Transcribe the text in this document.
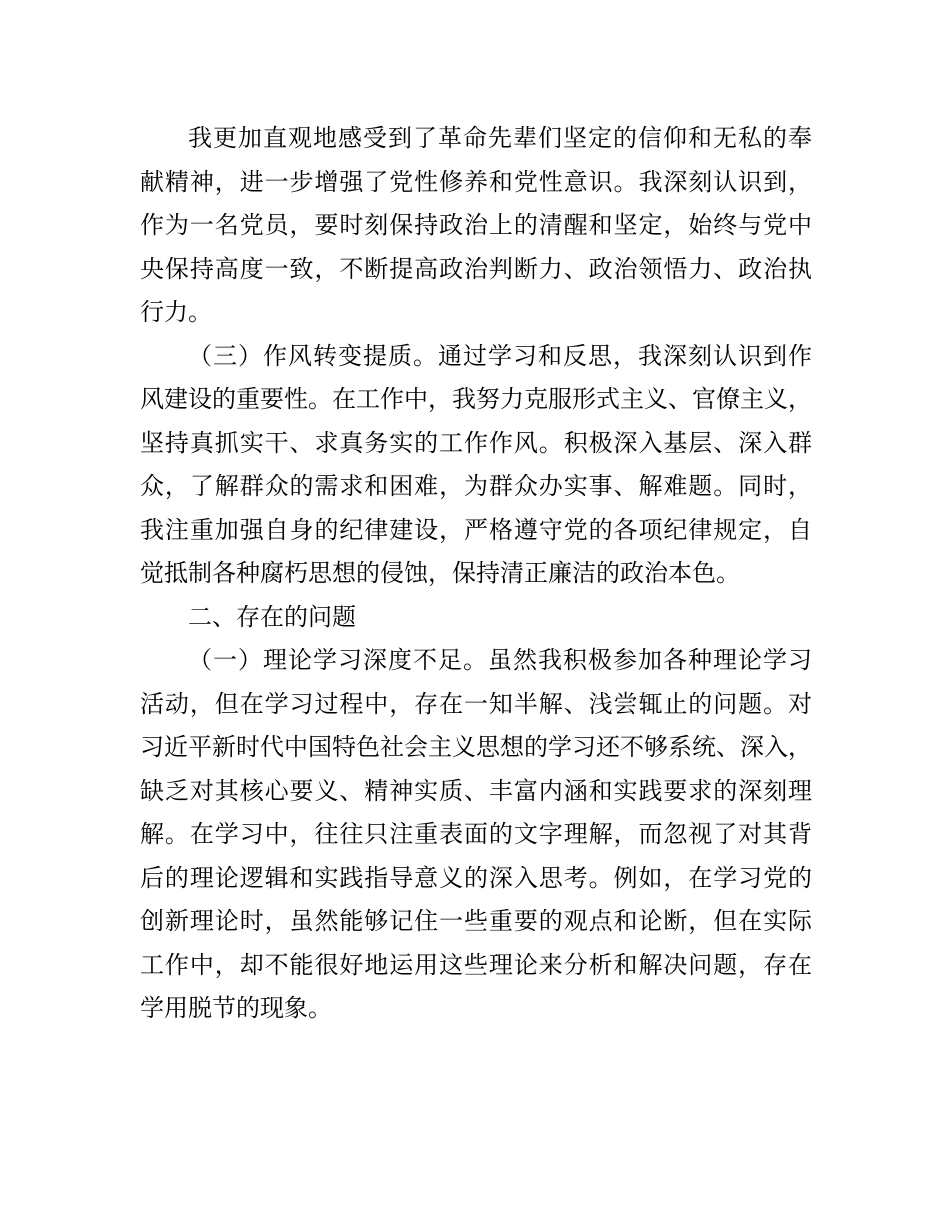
我更加直观地感受到了革命先辈们坚定的信仰和无私的奉
献精神，进一步增强了党性修养和党性意识。我深刻认识到，
作为一名党员，要时刻保持政治上的清醒和坚定，始终与党中
央保持高度一致，不断提高政治判断力、政治领悟力、政治执
行力。
（三）作风转变提质。通过学习和反思，我深刻认识到作
风建设的重要性。在工作中，我努力克服形式主义、官僚主义，
坚持真抓实干、求真务实的工作作风。积极深入基层、深入群
众，了解群众的需求和困难，为群众办实事、解难题。同时，
我注重加强自身的纪律建设，严格遵守党的各项纪律规定，自
觉抵制各种腐朽思想的侵蚀，保持清正廉洁的政治本色。
二、存在的问题
（一）理论学习深度不足。虽然我积极参加各种理论学习
活动，但在学习过程中，存在一知半解、浅尝辄止的问题。对
习近平新时代中国特色社会主义思想的学习还不够系统、深入，
缺乏对其核心要义、精神实质、丰富内涵和实践要求的深刻理
解。在学习中，往往只注重表面的文字理解，而忽视了对其背
后的理论逻辑和实践指导意义的深入思考。例如，在学习党的
创新理论时，虽然能够记住一些重要的观点和论断，但在实际
工作中，却不能很好地运用这些理论来分析和解决问题，存在
学用脱节的现象。
